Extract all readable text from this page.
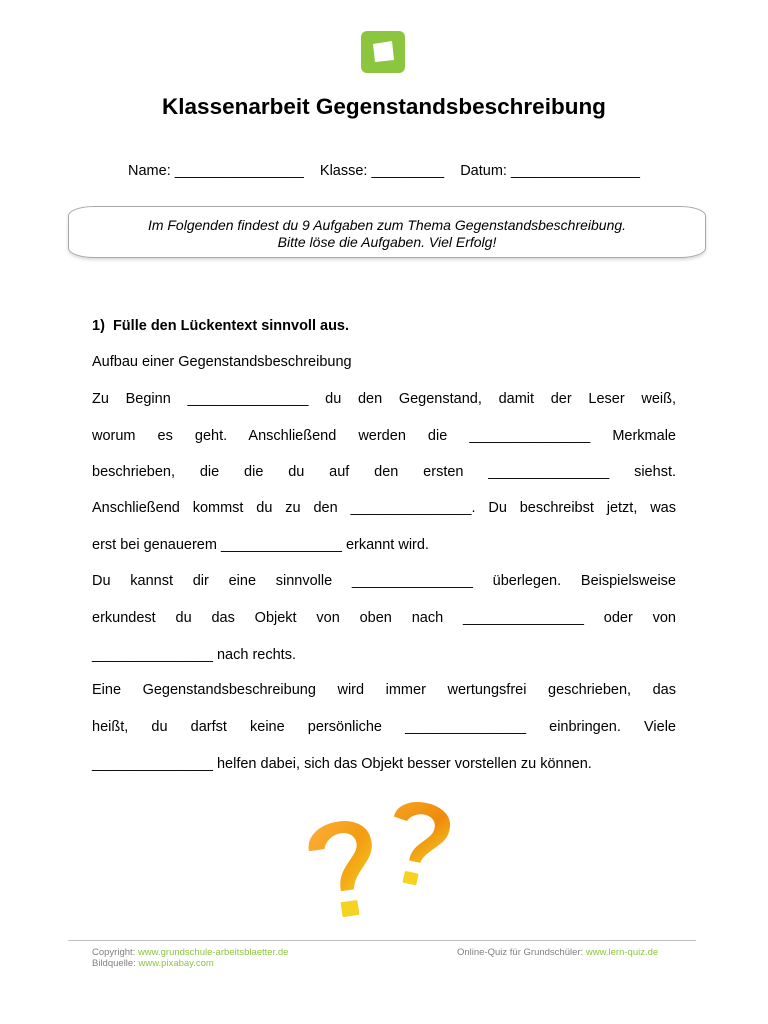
Klassenarbeit Gegenstandsbeschreibung
Name: ________________ Klasse: _________ Datum: ________________
Im Folgenden findest du 9 Aufgaben zum Thema Gegenstandsbeschreibung.
Bitte löse die Aufgaben. Viel Erfolg!
1)  Fülle den Lückentext sinnvoll aus.
Aufbau einer Gegenstandsbeschreibung
Zu Beginn _______________ du den Gegenstand, damit der Leser weiß,
worum es geht. Anschließend werden die _______________ Merkmale
beschrieben, die die du auf den ersten _______________ siehst.
Anschließend kommst du zu den _______________. Du beschreibst jetzt, was
erst bei genauerem _______________ erkannt wird.
Du kannst dir eine sinnvolle _______________ überlegen. Beispielsweise
erkundest du das Objekt von oben nach _______________ oder von
_______________ nach rechts.
Eine Gegenstandsbeschreibung wird immer wertungsfrei geschrieben, das
heißt, du darfst keine persönliche _______________ einbringen. Viele
_______________ helfen dabei, sich das Objekt besser vorstellen zu können.
Copyright: www.grundschule-arbeitsblaetter.de
Bildquelle: www.pixabay.com
Online-Quiz für Grundschüler: www.lern-quiz.de
